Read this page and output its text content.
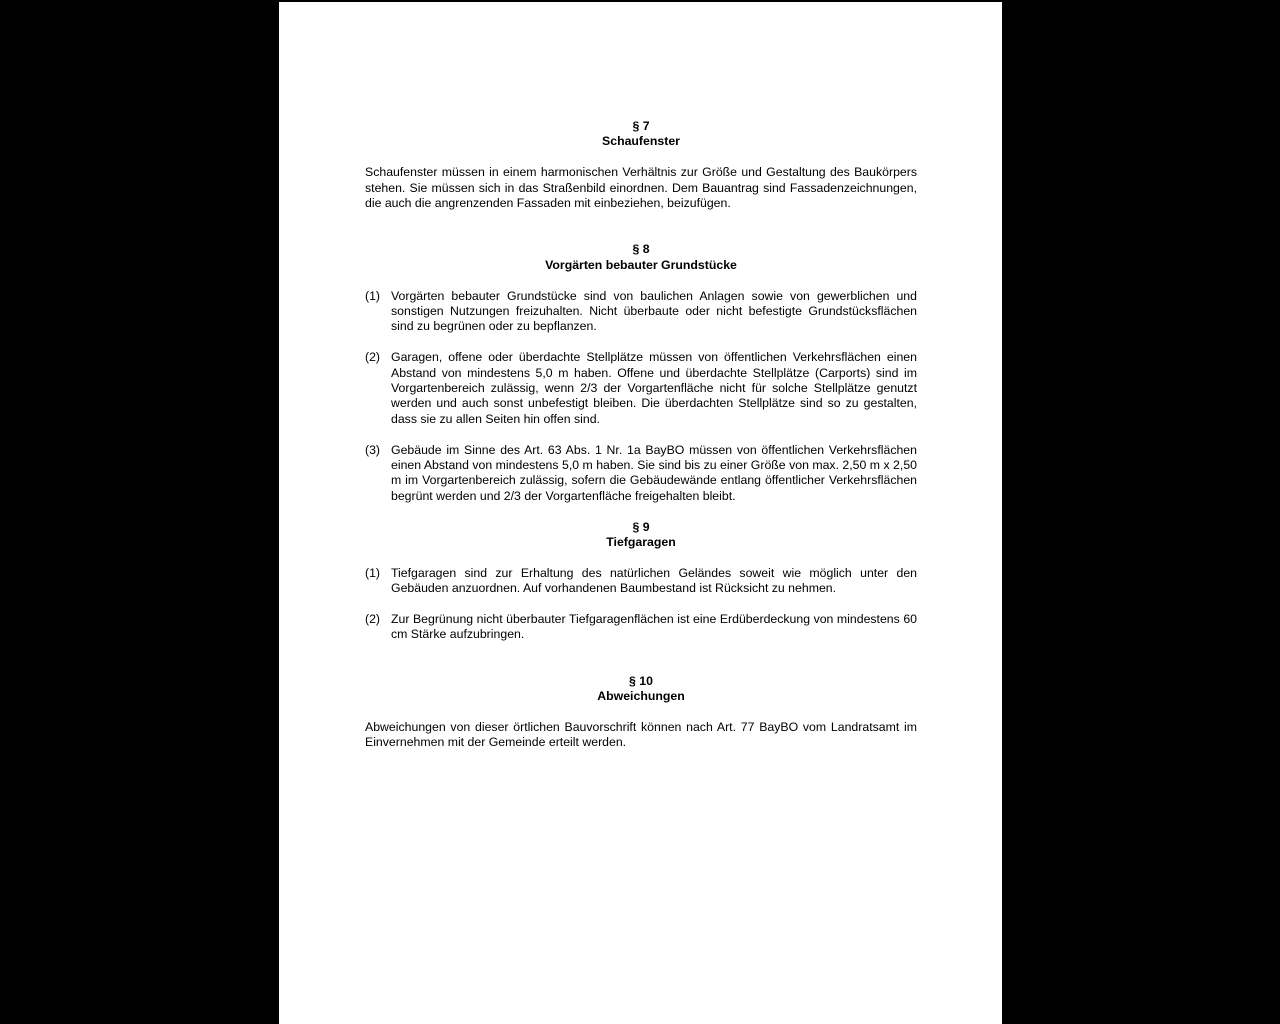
§ 7
Schaufenster

Schaufenster müssen in einem harmonischen Verhältnis zur Größe und Gestaltung des Baukörpers stehen. Sie müssen sich in das Straßenbild einordnen. Dem Bauantrag sind Fassadenzeichnungen, die auch die angrenzenden Fassaden mit einbeziehen, beizufügen.

§ 8
Vorgärten bebauter Grundstücke
(1) Vorgärten bebauter Grundstücke sind von baulichen Anlagen sowie von gewerblichen und sonstigen Nutzungen freizuhalten. Nicht überbaute oder nicht befestigte Grundstücksflächen sind zu begrünen oder zu bepflanzen.
(2) Garagen, offene oder überdachte Stellplätze müssen von öffentlichen Verkehrsflächen einen Abstand von mindestens 5,0 m haben. Offene und überdachte Stellplätze (Carports) sind im Vorgartenbereich zulässig, wenn 2/3 der Vorgartenfläche nicht für solche Stellplätze genutzt werden und auch sonst unbefestigt bleiben. Die überdachten Stellplätze sind so zu gestalten, dass sie zu allen Seiten hin offen sind.
(3) Gebäude im Sinne des Art. 63 Abs. 1 Nr. 1a BayBO müssen von öffentlichen Verkehrsflächen einen Abstand von mindestens 5,0 m haben. Sie sind bis zu einer Größe von max. 2,50 m x 2,50 m im Vorgartenbereich zulässig, sofern die Gebäudewände entlang öffentlicher Verkehrsflächen begrünt werden und 2/3 der Vorgartenfläche freigehalten bleibt.
§ 9
Tiefgaragen
(1) Tiefgaragen sind zur Erhaltung des natürlichen Geländes soweit wie möglich unter den Gebäuden anzuordnen. Auf vorhandenen Baumbestand ist Rücksicht zu nehmen.
(2) Zur Begrünung nicht überbauter Tiefgaragenflächen ist eine Erdüberdeckung von mindestens 60 cm Stärke aufzubringen.
§ 10
Abweichungen

Abweichungen von dieser örtlichen Bauvorschrift können nach Art. 77 BayBO vom Landratsamt im Einvernehmen mit der Gemeinde erteilt werden.
